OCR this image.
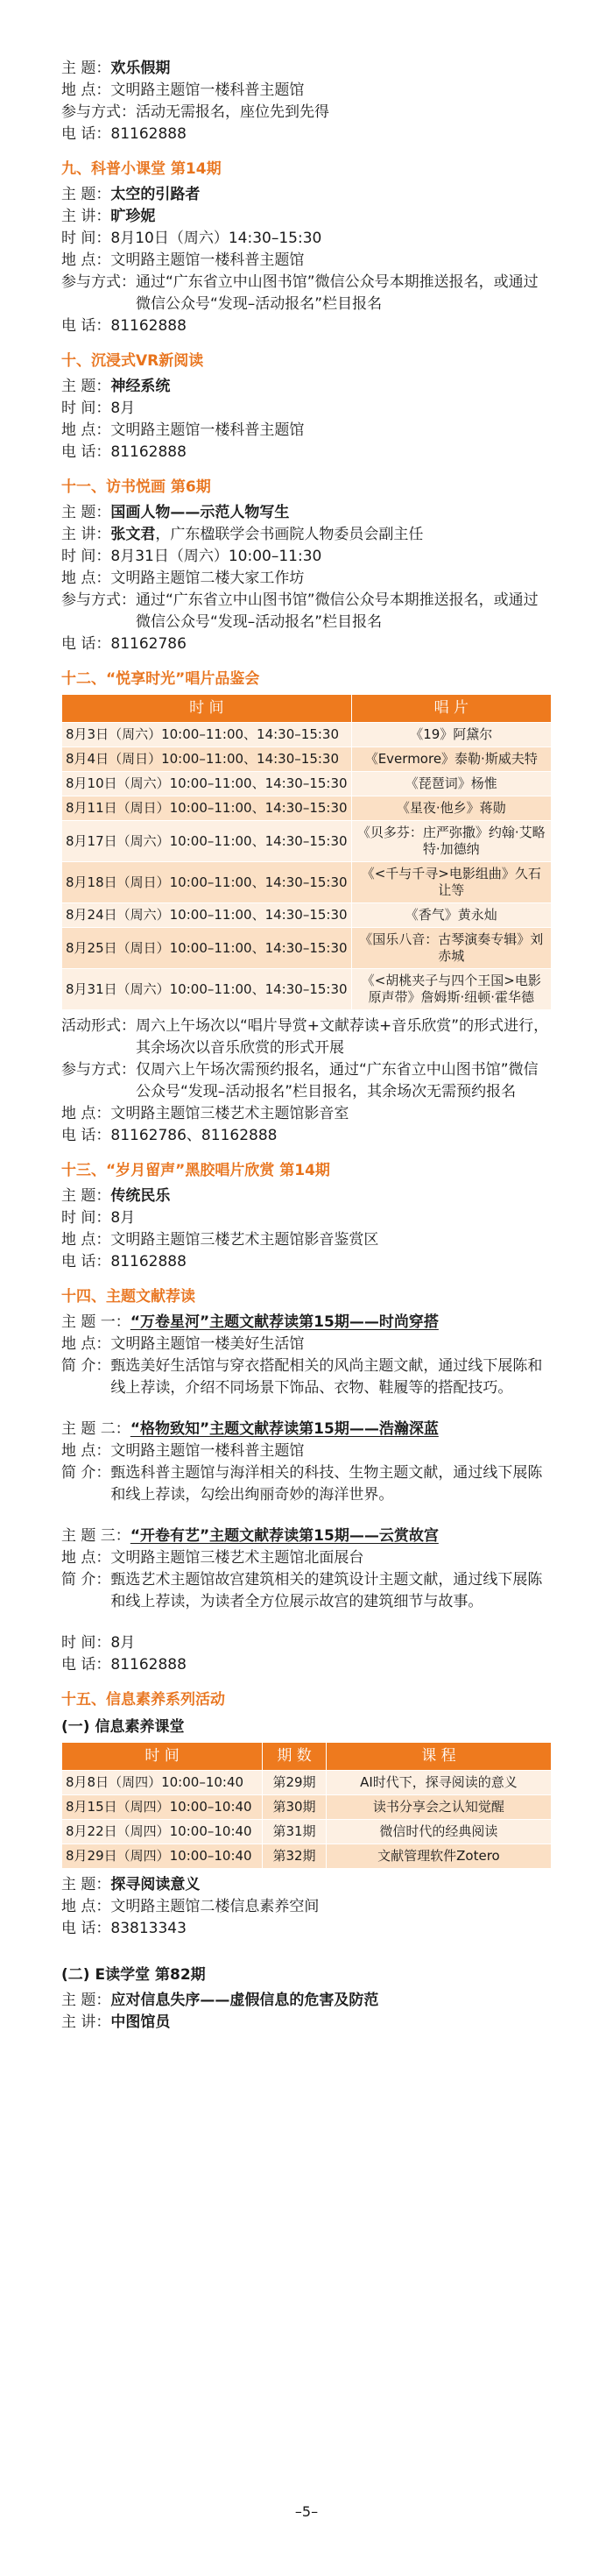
主 题： 欢乐假期
地 点： 文明路主题馆一楼科普主题馆
参与方式： 活动无需报名，座位先到先得
电 话： 81162888
九、科普小课堂 第14期
主 题： 太空的引路者
主 讲： 旷珍妮
时 间： 8月10日（周六）14:30–15:30
地 点： 文明路主题馆一楼科普主题馆
参与方式： 通过“广东省立中山图书馆”微信公众号本期推送报名，或通过微信公众号“发现–活动报名”栏目报名
电 话： 81162888
十、沉浸式VR新阅读
主 题： 神经系统
时 间： 8月
地 点： 文明路主题馆一楼科普主题馆
电 话： 81162888
十一、访书悦画 第6期
主 题： 国画人物——示范人物写生
主 讲： 张文君，广东楹联学会书画院人物委员会副主任
时 间： 8月31日（周六）10:00–11:30
地 点： 文明路主题馆二楼大家工作坊
参与方式： 通过“广东省立中山图书馆”微信公众号本期推送报名，或通过微信公众号“发现–活动报名”栏目报名
电 话： 81162786
十二、“悦享时光”唱片品鉴会
时 间	唱 片
8月3日（周六）10:00–11:00、14:30–15:30	《19》阿黛尔
8月4日（周日）10:00–11:00、14:30–15:30	《Evermore》泰勒·斯威夫特
8月10日（周六）10:00–11:00、14:30–15:30	《琵琶词》杨惟
8月11日（周日）10:00–11:00、14:30–15:30	《星夜·他乡》蒋勋
8月17日（周六）10:00–11:00、14:30–15:30	《贝多芬：庄严弥撒》约翰·艾略特·加德纳
8月18日（周日）10:00–11:00、14:30–15:30	《<千与千寻>电影组曲》久石让等
8月24日（周六）10:00–11:00、14:30–15:30	《香气》黄永灿
8月25日（周日）10:00–11:00、14:30–15:30	《国乐八音：古琴演奏专辑》刘赤城
8月31日（周六）10:00–11:00、14:30–15:30	《<胡桃夹子与四个王国>电影原声带》詹姆斯·纽顿·霍华德
活动形式： 周六上午场次以“唱片导赏+文献荐读+音乐欣赏”的形式进行，其余场次以音乐欣赏的形式开展
参与方式： 仅周六上午场次需预约报名，通过“广东省立中山图书馆”微信公众号“发现–活动报名”栏目报名，其余场次无需预约报名
地 点： 文明路主题馆三楼艺术主题馆影音室
电 话： 81162786、81162888
十三、“岁月留声”黑胶唱片欣赏 第14期
主 题： 传统民乐
时 间： 8月
地 点： 文明路主题馆三楼艺术主题馆影音鉴赏区
电 话： 81162888
十四、主题文献荐读
主 题 一： “万卷星河”主题文献荐读第15期——时尚穿搭
地 点： 文明路主题馆一楼美好生活馆
简 介： 甄选美好生活馆与穿衣搭配相关的风尚主题文献，通过线下展陈和线上荐读，介绍不同场景下饰品、衣物、鞋履等的搭配技巧。
主 题 二： “格物致知”主题文献荐读第15期——浩瀚深蓝
地 点： 文明路主题馆一楼科普主题馆
简 介： 甄选科普主题馆与海洋相关的科技、生物主题文献，通过线下展陈和线上荐读，勾绘出绚丽奇妙的海洋世界。
主 题 三： “开卷有艺”主题文献荐读第15期——云赏故宫
地 点： 文明路主题馆三楼艺术主题馆北面展台
简 介： 甄选艺术主题馆故宫建筑相关的建筑设计主题文献，通过线下展陈和线上荐读，为读者全方位展示故宫的建筑细节与故事。
时 间： 8月
电 话： 81162888
十五、信息素养系列活动
(一) 信息素养课堂
时 间	期 数	课 程
8月8日（周四）10:00–10:40	第29期	AI时代下，探寻阅读的意义
8月15日（周四）10:00–10:40	第30期	读书分享会之认知觉醒
8月22日（周四）10:00–10:40	第31期	微信时代的经典阅读
8月29日（周四）10:00–10:40	第32期	文献管理软件Zotero
主 题： 探寻阅读意义
地 点： 文明路主题馆二楼信息素养空间
电 话： 83813343
(二) E读学堂 第82期
主 题： 应对信息失序——虚假信息的危害及防范
主 讲： 中图馆员
–5–
